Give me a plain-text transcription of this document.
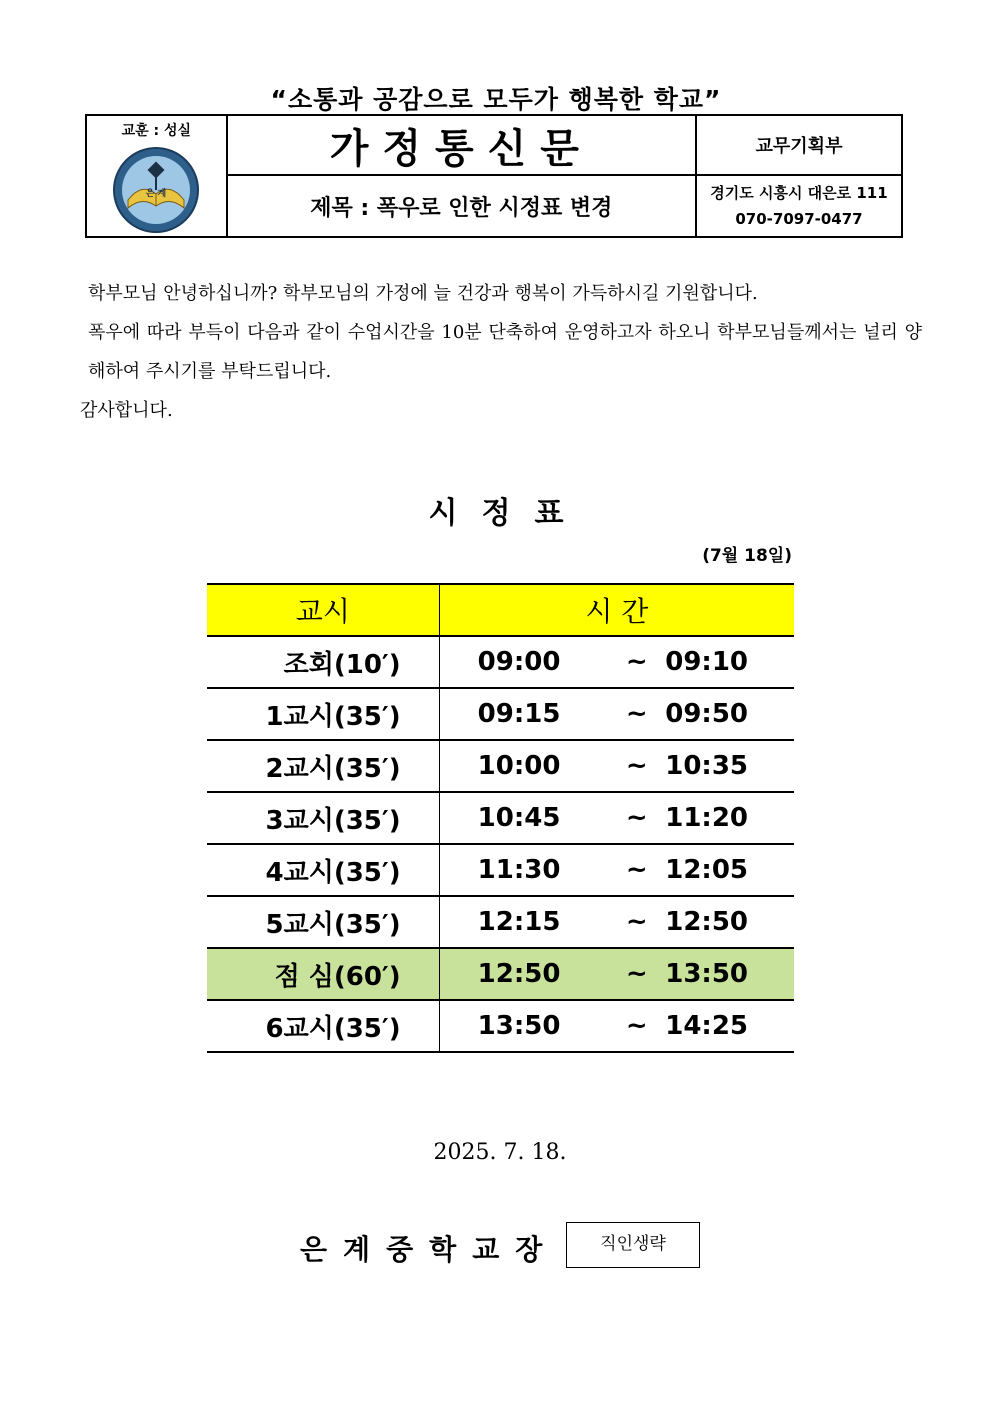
“소통과 공감으로 모두가 행복한 학교”
교훈 : 성실
은 계	가정통신문	교무기획부
	제목 : 폭우로 인한 시정표 변경	경기도 시흥시 대은로 111
070-7097-0477

학부모님 안녕하십니까? 학부모님의 가정에 늘 건강과 행복이 가득하시길 기원합니다.

폭우에 따라 부득이 다음과 같이 수업시간을 10분 단축하여 운영하고자 하오니 학부모님들께서는 널리 양해하여 주시기를 부탁드립니다.

감사합니다.

시정표
(7월 18일)
교시	시 간		
조회(10′)	09:00	~	09:10
1교시(35′)	09:15	~	09:50
2교시(35′)	10:00	~	10:35
3교시(35′)	10:45	~	11:20
4교시(35′)	11:30	~	12:05
5교시(35′)	12:15	~	12:50
점 심(60′)	12:50	~	13:50
6교시(35′)	13:50	~	14:25
2025. 7. 18.
은계중학교장	직인생략
